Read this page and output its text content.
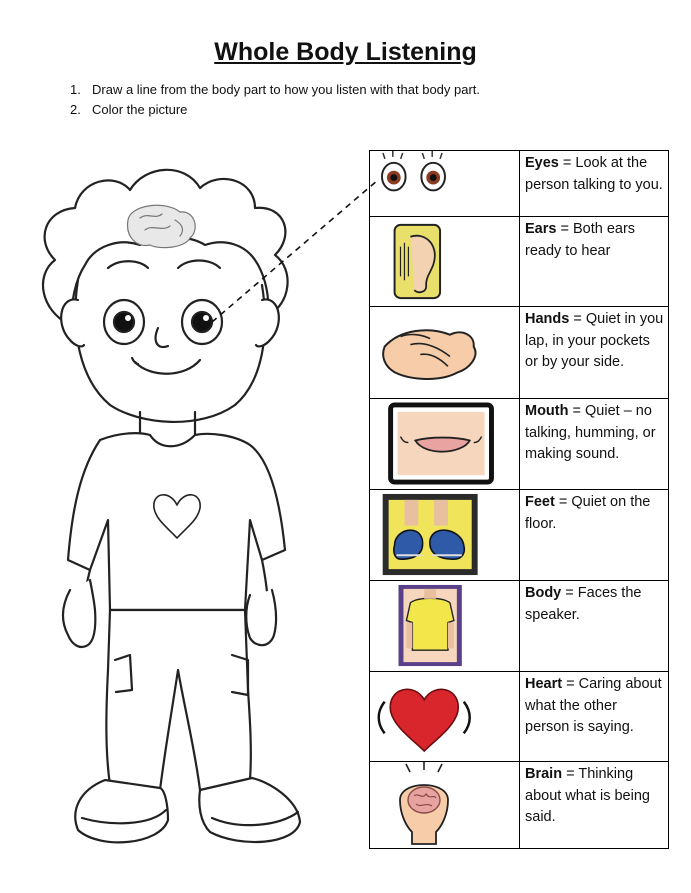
Whole Body Listening
1. Draw a line from the body part to how you listen with that body part.
2. Color the picture
Eyes = Look at the person talking to you.
Ears = Both ears ready to hear
Hands = Quiet in you lap, in your pockets or by your side.
Mouth = Quiet – no talking, humming, or making sound.
Feet = Quiet on the floor.
Body = Faces the speaker.
Heart = Caring about what the other person is saying.
Brain = Thinking about what is being said.
